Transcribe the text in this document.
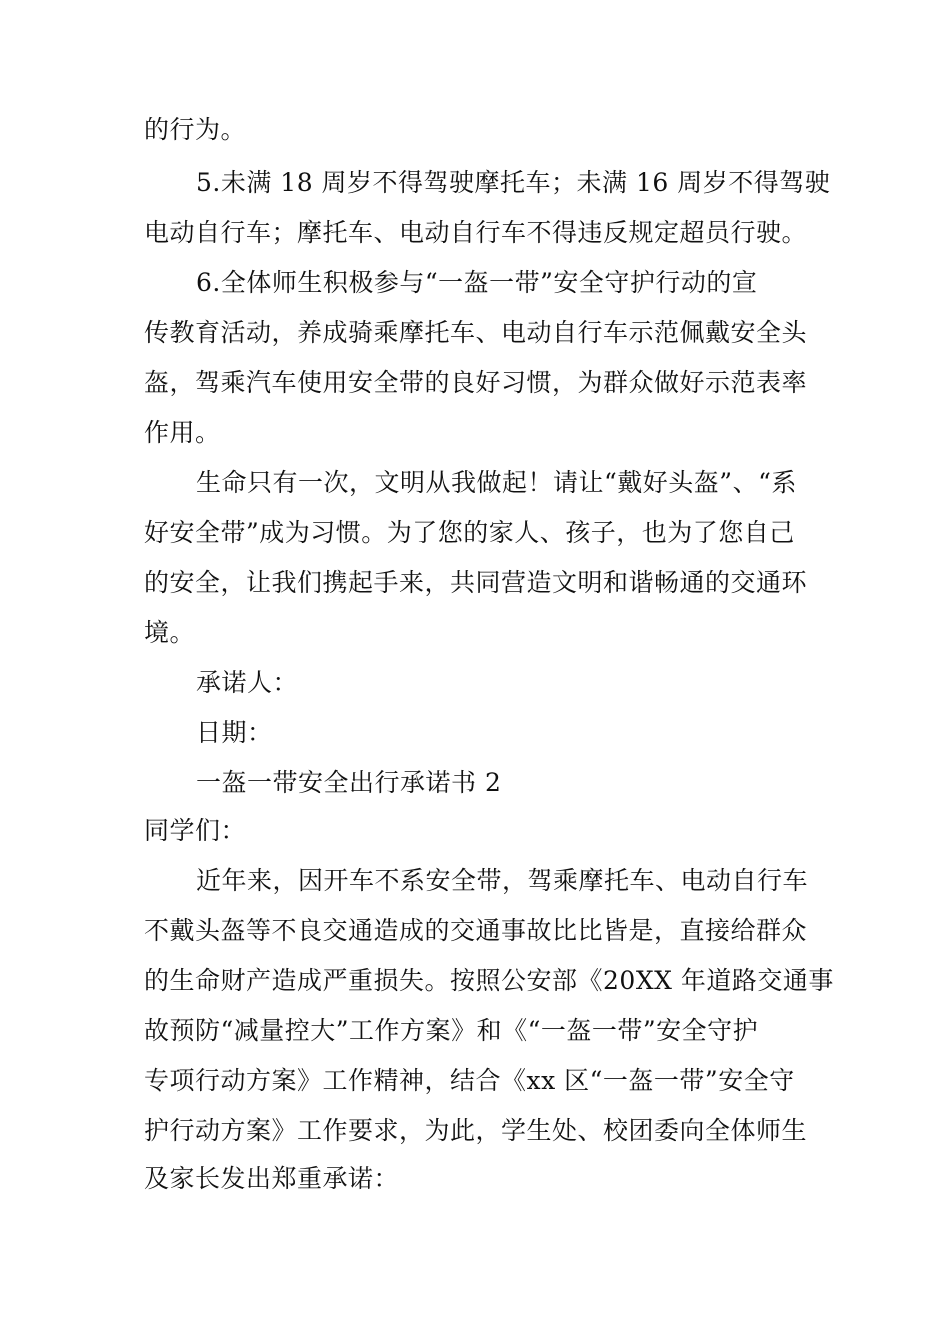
的行为。
5.未满 18 周岁不得驾驶摩托车；未满 16 周岁不得驾驶
电动自行车；摩托车、电动自行车不得违反规定超员行驶。
6.全体师生积极参与“一盔一带”安全守护行动的宣
传教育活动，养成骑乘摩托车、电动自行车示范佩戴安全头
盔，驾乘汽车使用安全带的良好习惯，为群众做好示范表率
作用。
生命只有一次，文明从我做起！请让“戴好头盔”、“系
好安全带”成为习惯。为了您的家人、孩子，也为了您自己
的安全，让我们携起手来，共同营造文明和谐畅通的交通环
境。
承诺人：
日期：
一盔一带安全出行承诺书 2
同学们：
近年来，因开车不系安全带，驾乘摩托车、电动自行车
不戴头盔等不良交通造成的交通事故比比皆是，直接给群众
的生命财产造成严重损失。按照公安部《20XX 年道路交通事
故预防“减量控大”工作方案》和《“一盔一带”安全守护
专项行动方案》工作精神，结合《xx 区“一盔一带”安全守
护行动方案》工作要求，为此，学生处、校团委向全体师生
及家长发出郑重承诺：
